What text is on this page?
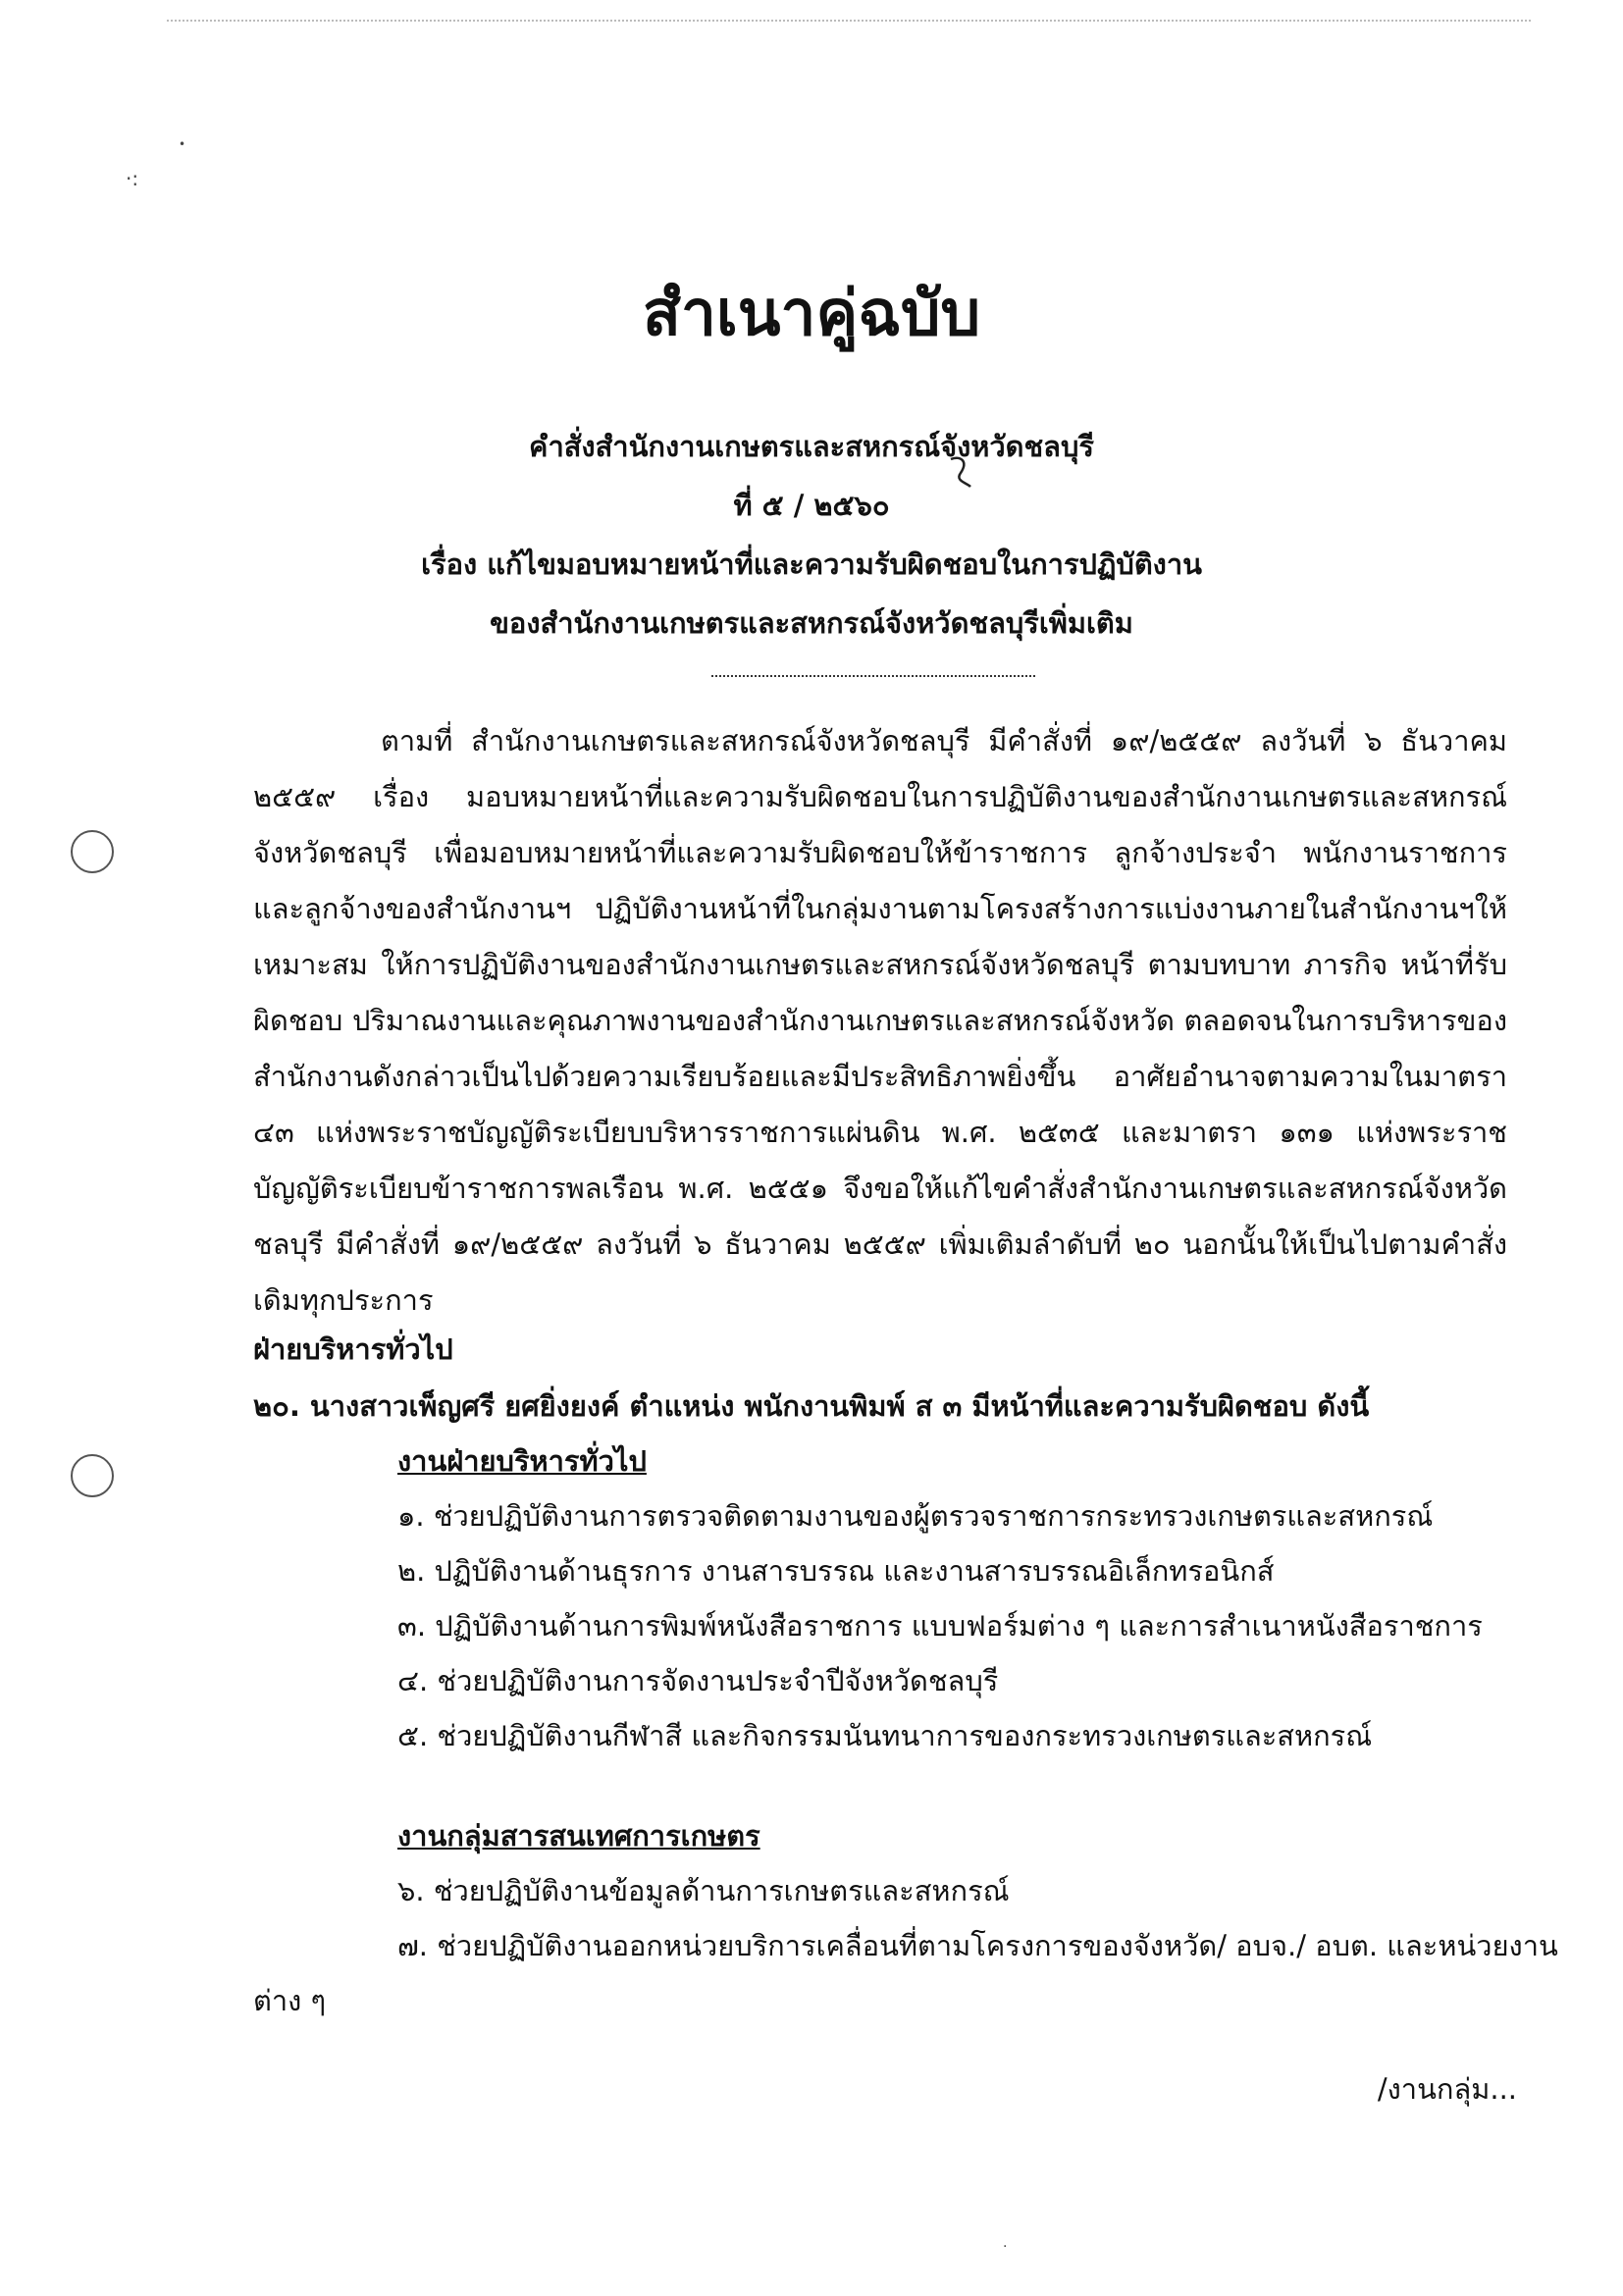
•
·:
สำเนาคู่ฉบับ
คำสั่งสำนักงานเกษตรและสหกรณ์จังหวัดชลบุรี
ที่ ๕ / ๒๕๖๐
เรื่อง แก้ไขมอบหมายหน้าที่และความรับผิดชอบในการปฏิบัติงาน
ของสำนักงานเกษตรและสหกรณ์จังหวัดชลบุรีเพิ่มเติม
ตามที่ สำนักงานเกษตรและสหกรณ์จังหวัดชลบุรี มีคำสั่งที่ ๑๙/๒๕๕๙ ลงวันที่ ๖ ธันวาคม ๒๕๕๙ เรื่อง มอบหมายหน้าที่และความรับผิดชอบในการปฏิบัติงานของสำนักงานเกษตรและสหกรณ์จังหวัดชลบุรี เพื่อมอบหมายหน้าที่และความรับผิดชอบให้ข้าราชการ ลูกจ้างประจำ พนักงานราชการ และลูกจ้างของสำนักงานฯ ปฏิบัติงานหน้าที่ในกลุ่มงานตามโครงสร้างการแบ่งงานภายในสำนักงานฯให้เหมาะสม ให้การปฏิบัติงานของสำนักงานเกษตรและสหกรณ์จังหวัดชลบุรี ตามบทบาท ภารกิจ หน้าที่รับผิดชอบ ปริมาณงานและคุณภาพงานของสำนักงานเกษตรและสหกรณ์จังหวัด ตลอดจนในการบริหารของสำนักงานดังกล่าวเป็นไปด้วยความเรียบร้อยและมีประสิทธิภาพยิ่งขึ้น อาศัยอำนาจตามความในมาตรา ๔๓ แห่งพระราชบัญญัติระเบียบบริหารราชการแผ่นดิน พ.ศ. ๒๕๓๕ และมาตรา ๑๓๑ แห่งพระราชบัญญัติระเบียบข้าราชการพลเรือน พ.ศ. ๒๕๕๑ จึงขอให้แก้ไขคำสั่งสำนักงานเกษตรและสหกรณ์จังหวัดชลบุรี มีคำสั่งที่ ๑๙/๒๕๕๙ ลงวันที่ ๖ ธันวาคม ๒๕๕๙ เพิ่มเติมลำดับที่ ๒๐ นอกนั้นให้เป็นไปตามคำสั่งเดิมทุกประการ
ฝ่ายบริหารทั่วไป
๒๐. นางสาวเพ็ญศรี ยศยิ่งยงค์ ตำแหน่ง พนักงานพิมพ์ ส ๓ มีหน้าที่และความรับผิดชอบ ดังนี้
งานฝ่ายบริหารทั่วไป
๑. ช่วยปฏิบัติงานการตรวจติดตามงานของผู้ตรวจราชการกระทรวงเกษตรและสหกรณ์
๒. ปฏิบัติงานด้านธุรการ งานสารบรรณ และงานสารบรรณอิเล็กทรอนิกส์
๓. ปฏิบัติงานด้านการพิมพ์หนังสือราชการ แบบฟอร์มต่าง ๆ และการสำเนาหนังสือราชการ
๔. ช่วยปฏิบัติงานการจัดงานประจำปีจังหวัดชลบุรี
๕. ช่วยปฏิบัติงานกีฬาสี และกิจกรรมนันทนาการของกระทรวงเกษตรและสหกรณ์
งานกลุ่มสารสนเทศการเกษตร
๖. ช่วยปฏิบัติงานข้อมูลด้านการเกษตรและสหกรณ์
๗. ช่วยปฏิบัติงานออกหน่วยบริการเคลื่อนที่ตามโครงการของจังหวัด/ อบจ./ อบต. และหน่วยงาน
ต่าง ๆ
/งานกลุ่ม...
·
